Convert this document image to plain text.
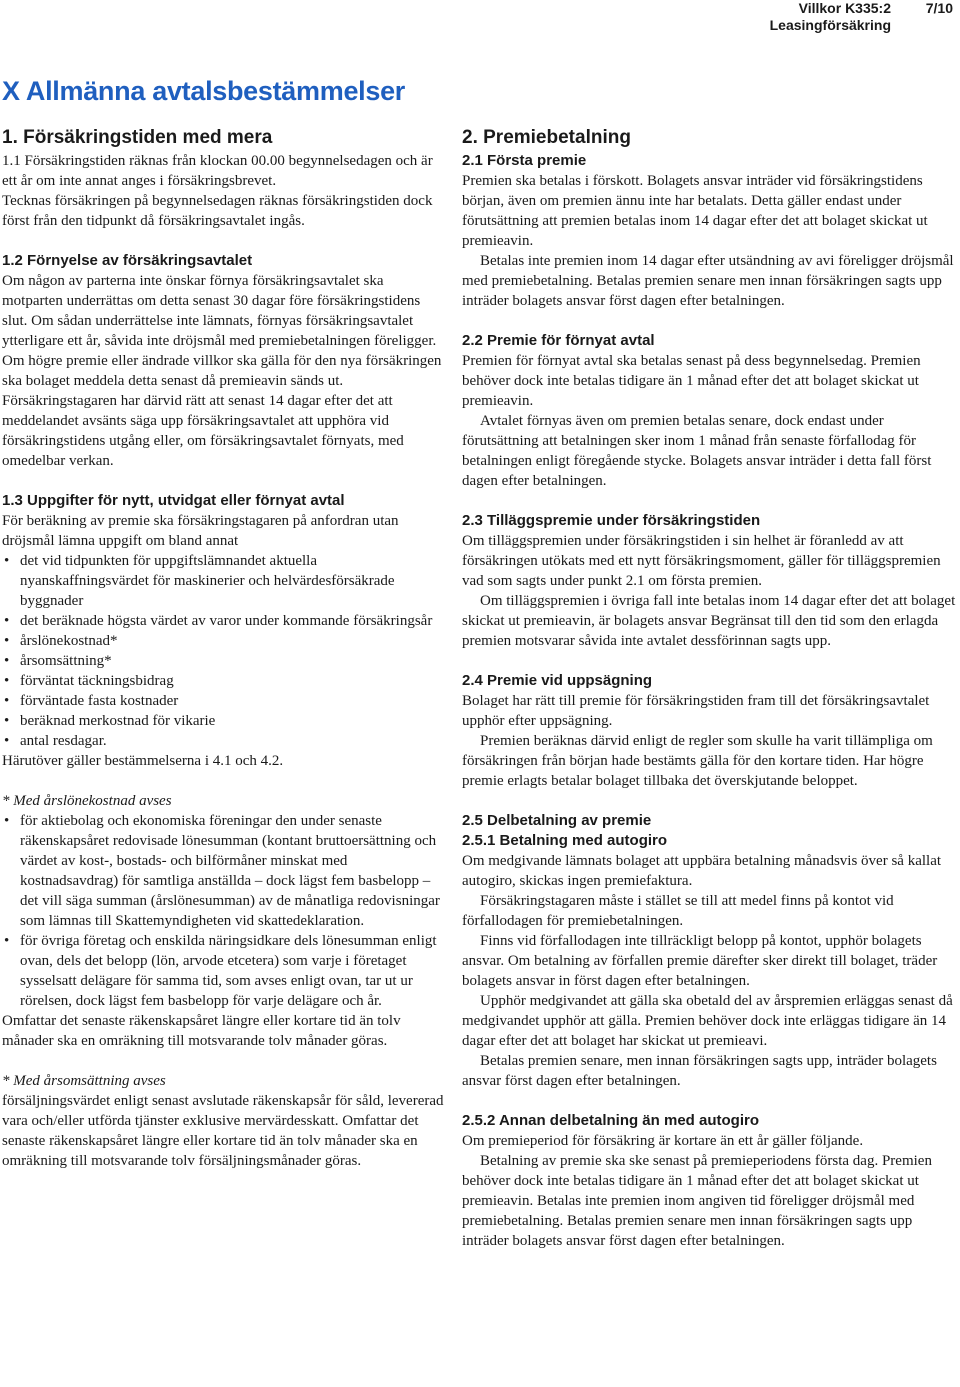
Villkor K335:2
Leasingförsäkring
7/10
X Allmänna avtalsbestämmelser
1. Försäkringstiden med mera

1.1 Försäkringstiden räknas från klockan 00.00 begynnelsedagen och är ett år om inte annat anges i försäkringsbrevet.

Tecknas försäkringen på begynnelsedagen räknas försäkringstiden dock först från den tidpunkt då försäkringsavtalet ingås.

1.2 Förnyelse av försäkringsavtalet

Om någon av parterna inte önskar förnya försäkringsavtalet ska motparten underrättas om detta senast 30 dagar före försäkringstidens slut. Om sådan underrättelse inte lämnats, förnyas försäkringsavtalet ytterligare ett år, såvida inte dröjsmål med premiebetalningen föreligger.

Om högre premie eller ändrade villkor ska gälla för den nya försäkringen ska bolaget meddela detta senast då premieavin sänds ut. Försäkringstagaren har därvid rätt att senast 14 dagar efter det att meddelandet avsänts säga upp försäkringsavtalet att upphöra vid försäkringstidens utgång eller, om försäkringsavtalet förnyats, med omedelbar verkan.

1.3 Uppgifter för nytt, utvidgat eller förnyat avtal

För beräkning av premie ska försäkringstagaren på anfordran utan dröjsmål lämna uppgift om bland annat

• det vid tidpunkten för uppgiftslämnandet aktuella nyanskaffningsvärdet för maskinerier och helvärdesförsäkrade byggnader
• det beräknade högsta värdet av varor under kommande försäkringsår
• årslönekostnad*
• årsomsättning*
• förväntat täckningsbidrag
• förväntade fasta kostnader
• beräknad merkostnad för vikarie
• antal resdagar.

Härutöver gäller bestämmelserna i 4.1 och 4.2.

* Med årslönekostnad avses

• för aktiebolag och ekonomiska föreningar den under senaste räkenskapsåret redovisade lönesumman (kontant bruttoersättning och värdet av kost-, bostads- och bilförmåner minskat med kostnadsavdrag) för samtliga anställda – dock lägst fem basbelopp – det vill säga summan (årslönesumman) av de månatliga redovisningar som lämnas till Skattemyndigheten vid skattedeklaration.
• för övriga företag och enskilda näringsidkare dels lönesumman enligt ovan, dels det belopp (lön, arvode etcetera) som varje i företaget sysselsatt delägare för samma tid, som avses enligt ovan, tar ut ur rörelsen, dock lägst fem basbelopp för varje delägare och år.

Omfattar det senaste räkenskapsåret längre eller kortare tid än tolv månader ska en omräkning till motsvarande tolv månader göras.

* Med årsomsättning avses

försäljningsvärdet enligt senast avslutade räkenskapsår för såld, levererad vara och/eller utförda tjänster exklusive mervärdesskatt. Omfattar det senaste räkenskapsåret längre eller kortare tid än tolv månader ska en omräkning till motsvarande tolv försäljningsmånader göras.

2. Premiebetalning
2.1 Första premie

Premien ska betalas i förskott. Bolagets ansvar inträder vid försäkringstidens början, även om premien ännu inte har betalats. Detta gäller endast under förutsättning att premien betalas inom 14 dagar efter det att bolaget skickat ut premieavin.

Betalas inte premien inom 14 dagar efter utsändning av avi föreligger dröjsmål med premiebetalning. Betalas premien senare men innan försäkringen sagts upp inträder bolagets ansvar först dagen efter betalningen.

2.2 Premie för förnyat avtal

Premien för förnyat avtal ska betalas senast på dess begynnelsedag. Premien behöver dock inte betalas tidigare än 1 månad efter det att bolaget skickat ut premieavin.

Avtalet förnyas även om premien betalas senare, dock endast under förutsättning att betalningen sker inom 1 månad från senaste förfallodag för betalningen enligt föregående stycke. Bolagets ansvar inträder i detta fall först dagen efter betalningen.

2.3 Tilläggspremie under försäkringstiden

Om tilläggspremien under försäkringstiden i sin helhet är föranledd av att försäkringen utökats med ett nytt försäkringsmoment, gäller för tilläggspremien vad som sagts under punkt 2.1 om första premien.

Om tilläggspremien i övriga fall inte betalas inom 14 dagar efter det att bolaget skickat ut premieavin, är bolagets ansvar Begränsat till den tid som den erlagda premien motsvarar såvida inte avtalet dessförinnan sagts upp.

2.4 Premie vid uppsägning

Bolaget har rätt till premie för försäkringstiden fram till det försäkringsavtalet upphör efter uppsägning.

Premien beräknas därvid enligt de regler som skulle ha varit tillämpliga om försäkringen från början hade bestämts gälla för den kortare tiden. Har högre premie erlagts betalar bolaget tillbaka det överskjutande beloppet.

2.5 Delbetalning av premie
2.5.1 Betalning med autogiro

Om medgivande lämnats bolaget att uppbära betalning månadsvis över så kallat autogiro, skickas ingen premiefaktura.

Försäkringstagaren måste i stället se till att medel finns på kontot vid förfallodagen för premiebetalningen.

Finns vid förfallodagen inte tillräckligt belopp på kontot, upphör bolagets ansvar. Om betalning av förfallen premie därefter sker direkt till bolaget, träder bolagets ansvar in först dagen efter betalningen.

Upphör medgivandet att gälla ska obetald del av årspremien erläggas senast då medgivandet upphör att gälla. Premien behöver dock inte erläggas tidigare än 14 dagar efter det att bolaget har skickat ut premieavi.

Betalas premien senare, men innan försäkringen sagts upp, inträder bolagets ansvar först dagen efter betalningen.

2.5.2 Annan delbetalning än med autogiro

Om premieperiod för försäkring är kortare än ett år gäller följande.

Betalning av premie ska ske senast på premieperiodens första dag. Premien behöver dock inte betalas tidigare än 1 månad efter det att bolaget skickat ut premieavin. Betalas inte premien inom angiven tid föreligger dröjsmål med premiebetalning. Betalas premien senare men innan försäkringen sagts upp inträder bolagets ansvar först dagen efter betalningen.
